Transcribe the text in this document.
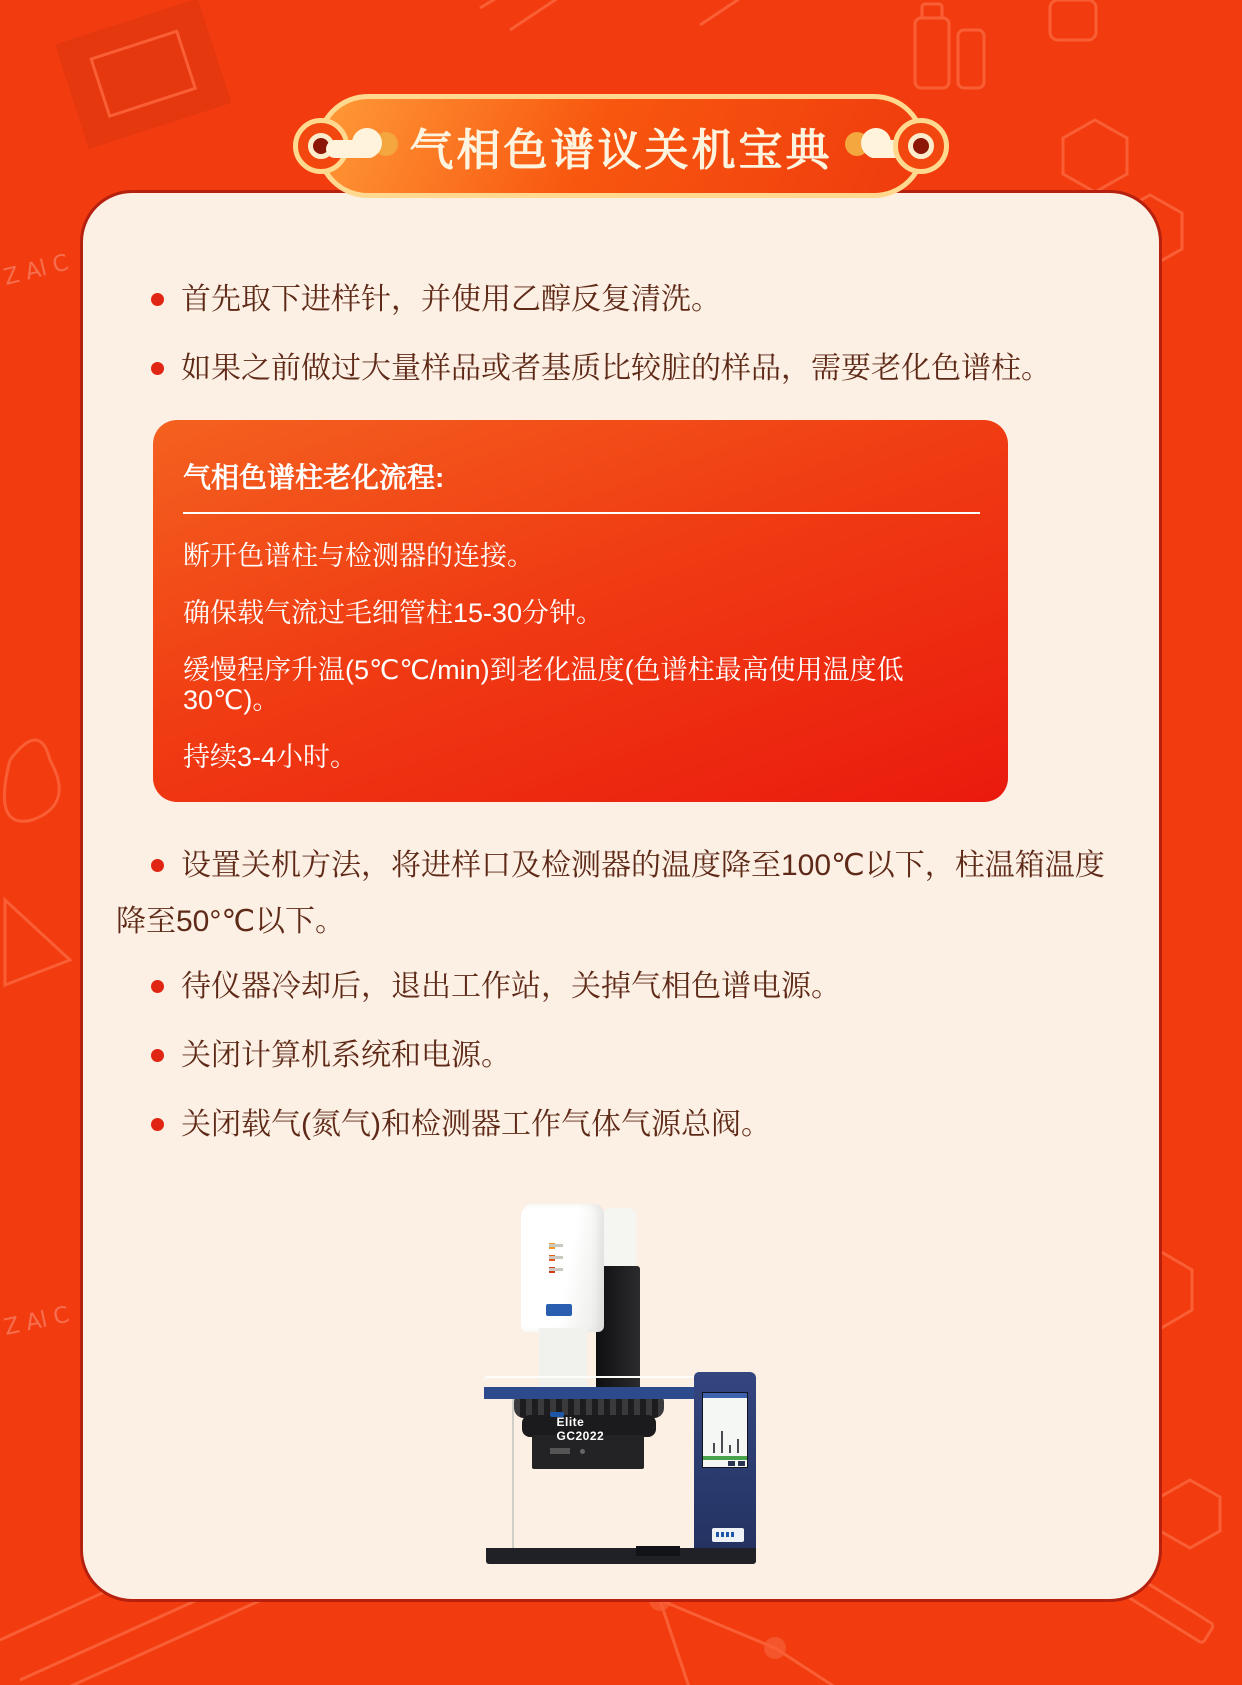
Z Al C
Z Al C

首先取下进样针，并使用乙醇反复清洗。

如果之前做过大量样品或者基质比较脏的样品，需要老化色谱柱。

气相色谱柱老化流程:

断开色谱柱与检测器的连接。

确保载气流过毛细管柱15-30分钟。

缓慢程序升温(5℃℃/min)到老化温度(色谱柱最高使用温度低30℃)。

持续3-4小时。

设置关机方法，将进样口及检测器的温度降至100℃以下，柱温箱温度降至50°℃以下。

待仪器冷却后，退出工作站，关掉气相色谱电源。

关闭计算机系统和电源。

关闭载气(氮气)和检测器工作气体气源总阀。

Elite GC2022
气相色谱议关机宝典
